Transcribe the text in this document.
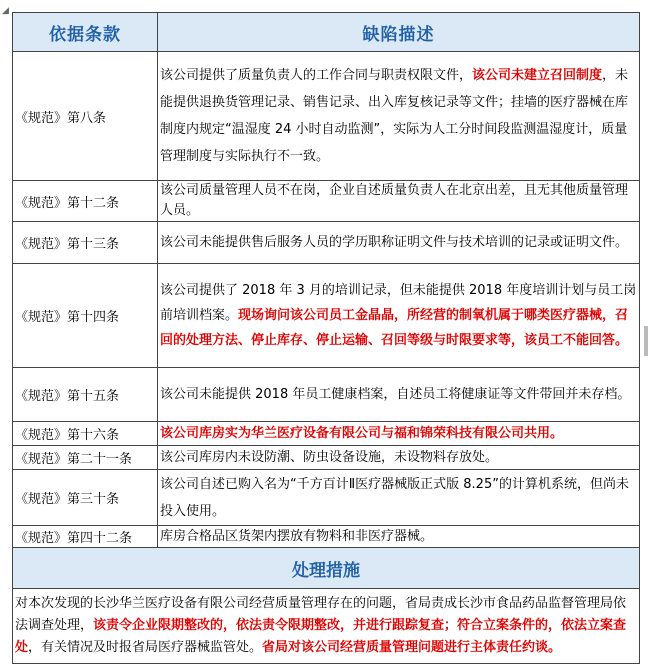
◢
依据条款	缺陷描述
《规范》第八条	该公司提供了质量负责人的工作合同与职责权限文件，该公司未建立召回制度，未能提供退换货管理记录、销售记录、出入库复核记录等文件；挂墙的医疗器械在库制度内规定“温湿度 24 小时自动监测”，实际为人工分时间段监测温湿度计，质量管理制度与实际执行不一致。
《规范》第十二条	该公司质量管理人员不在岗，企业自述质量负责人在北京出差，且无其他质量管理人员。
《规范》第十三条	该公司未能提供售后服务人员的学历职称证明文件与技术培训的记录或证明文件。
《规范》第十四条	该公司提供了 2018 年 3 月的培训记录，但未能提供 2018 年度培训计划与员工岗前培训档案。现场询问该公司员工金晶晶，所经营的制氧机属于哪类医疗器械，召回的处理方法、停止库存、停止运输、召回等级与时限要求等，该员工不能回答。
《规范》第十五条	该公司未能提供 2018 年员工健康档案，自述员工将健康证等文件带回并未存档。
《规范》第十六条	该公司库房实为华兰医疗设备有限公司与福和锦荣科技有限公司共用。
《规范》第二十一条	该公司库房内未设防潮、防虫设备设施，未设物料存放处。
《规范》第三十条	该公司自述已购入名为“千方百计Ⅱ医疗器械版正式版 8.25”的计算机系统，但尚未投入使用。
《规范》第四十二条	库房合格品区货架内摆放有物料和非医疗器械。
处理措施	
对本次发现的长沙华兰医疗设备有限公司经营质量管理存在的问题，省局责成长沙市食品药品监督管理局依法调查处理，该责令企业限期整改的，依法责令限期整改，并进行跟踪复查；符合立案条件的，依法立案查处，有关情况及时报省局医疗器械监管处。省局对该公司经营质量管理问题进行主体责任约谈。	
